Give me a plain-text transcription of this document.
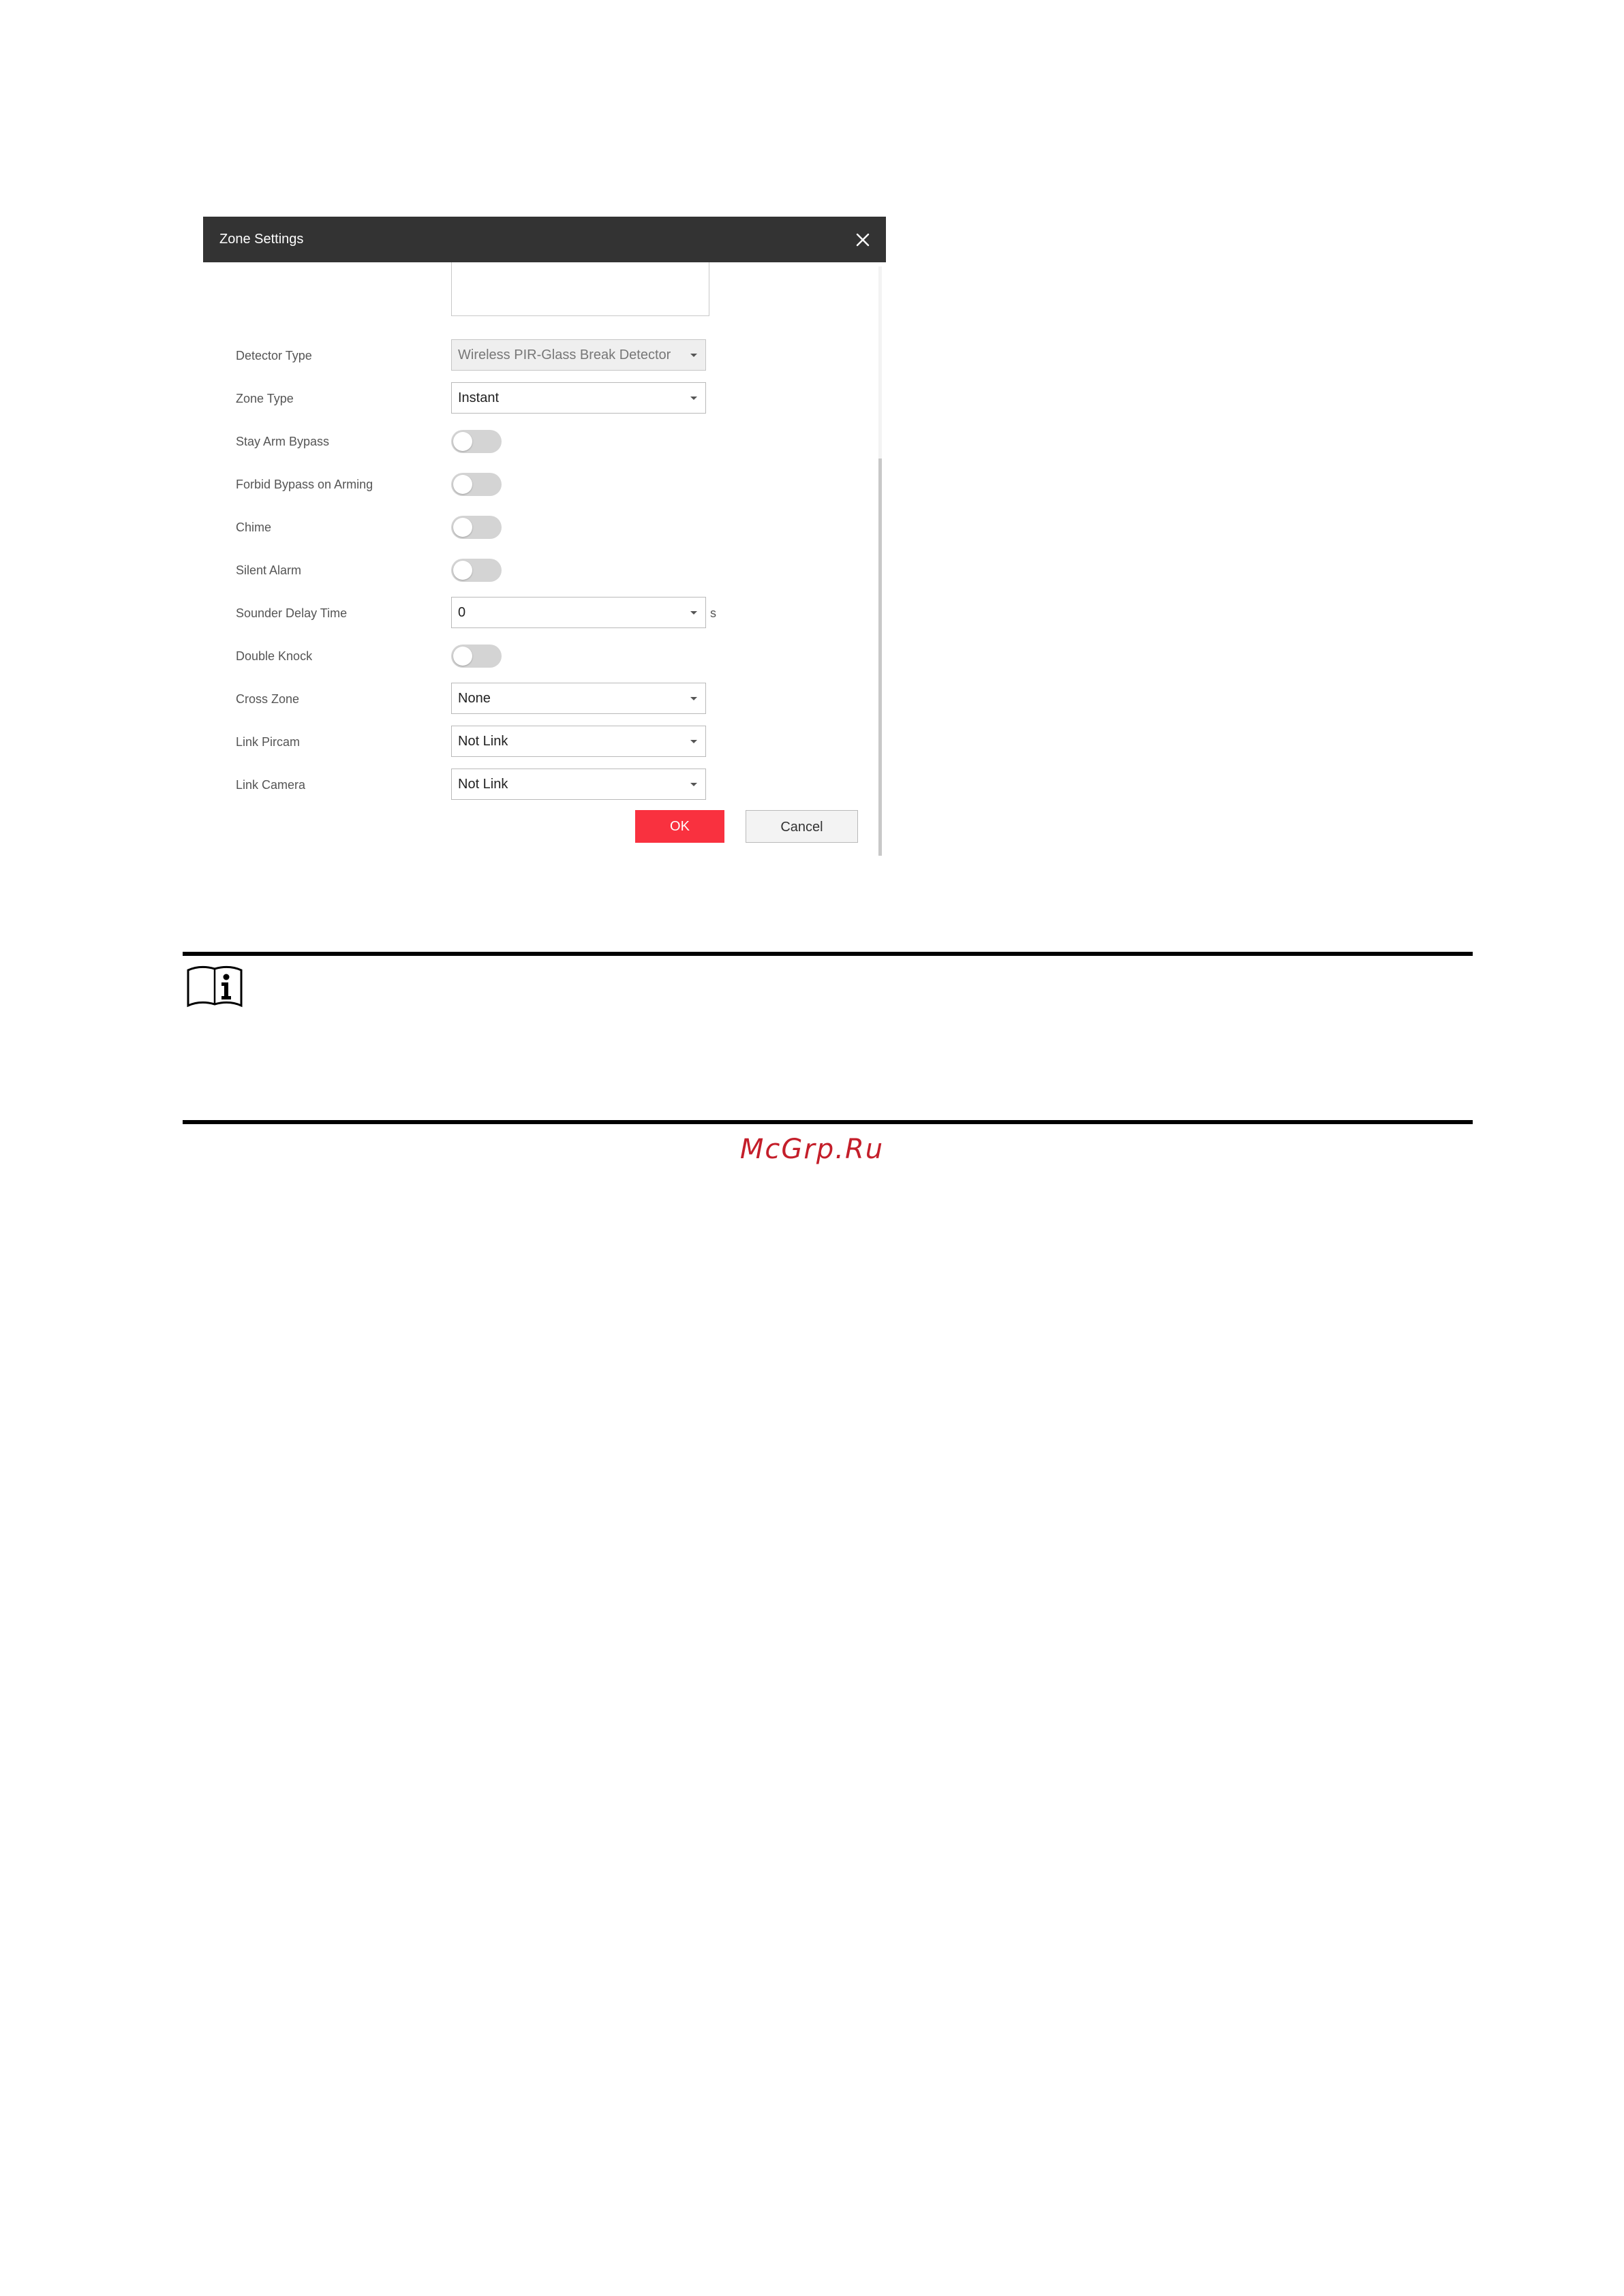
Zone Settings
Detector Type	Wireless PIR-Glass Break Detector
Zone Type	Instant
Stay Arm Bypass
Forbid Bypass on Arming
Chime
Silent Alarm
Sounder Delay Time	0	s
Double Knock
Cross Zone	None
Link Pircam	Not Link
Link Camera	Not Link
OK	Cancel
McGrp.Ru
